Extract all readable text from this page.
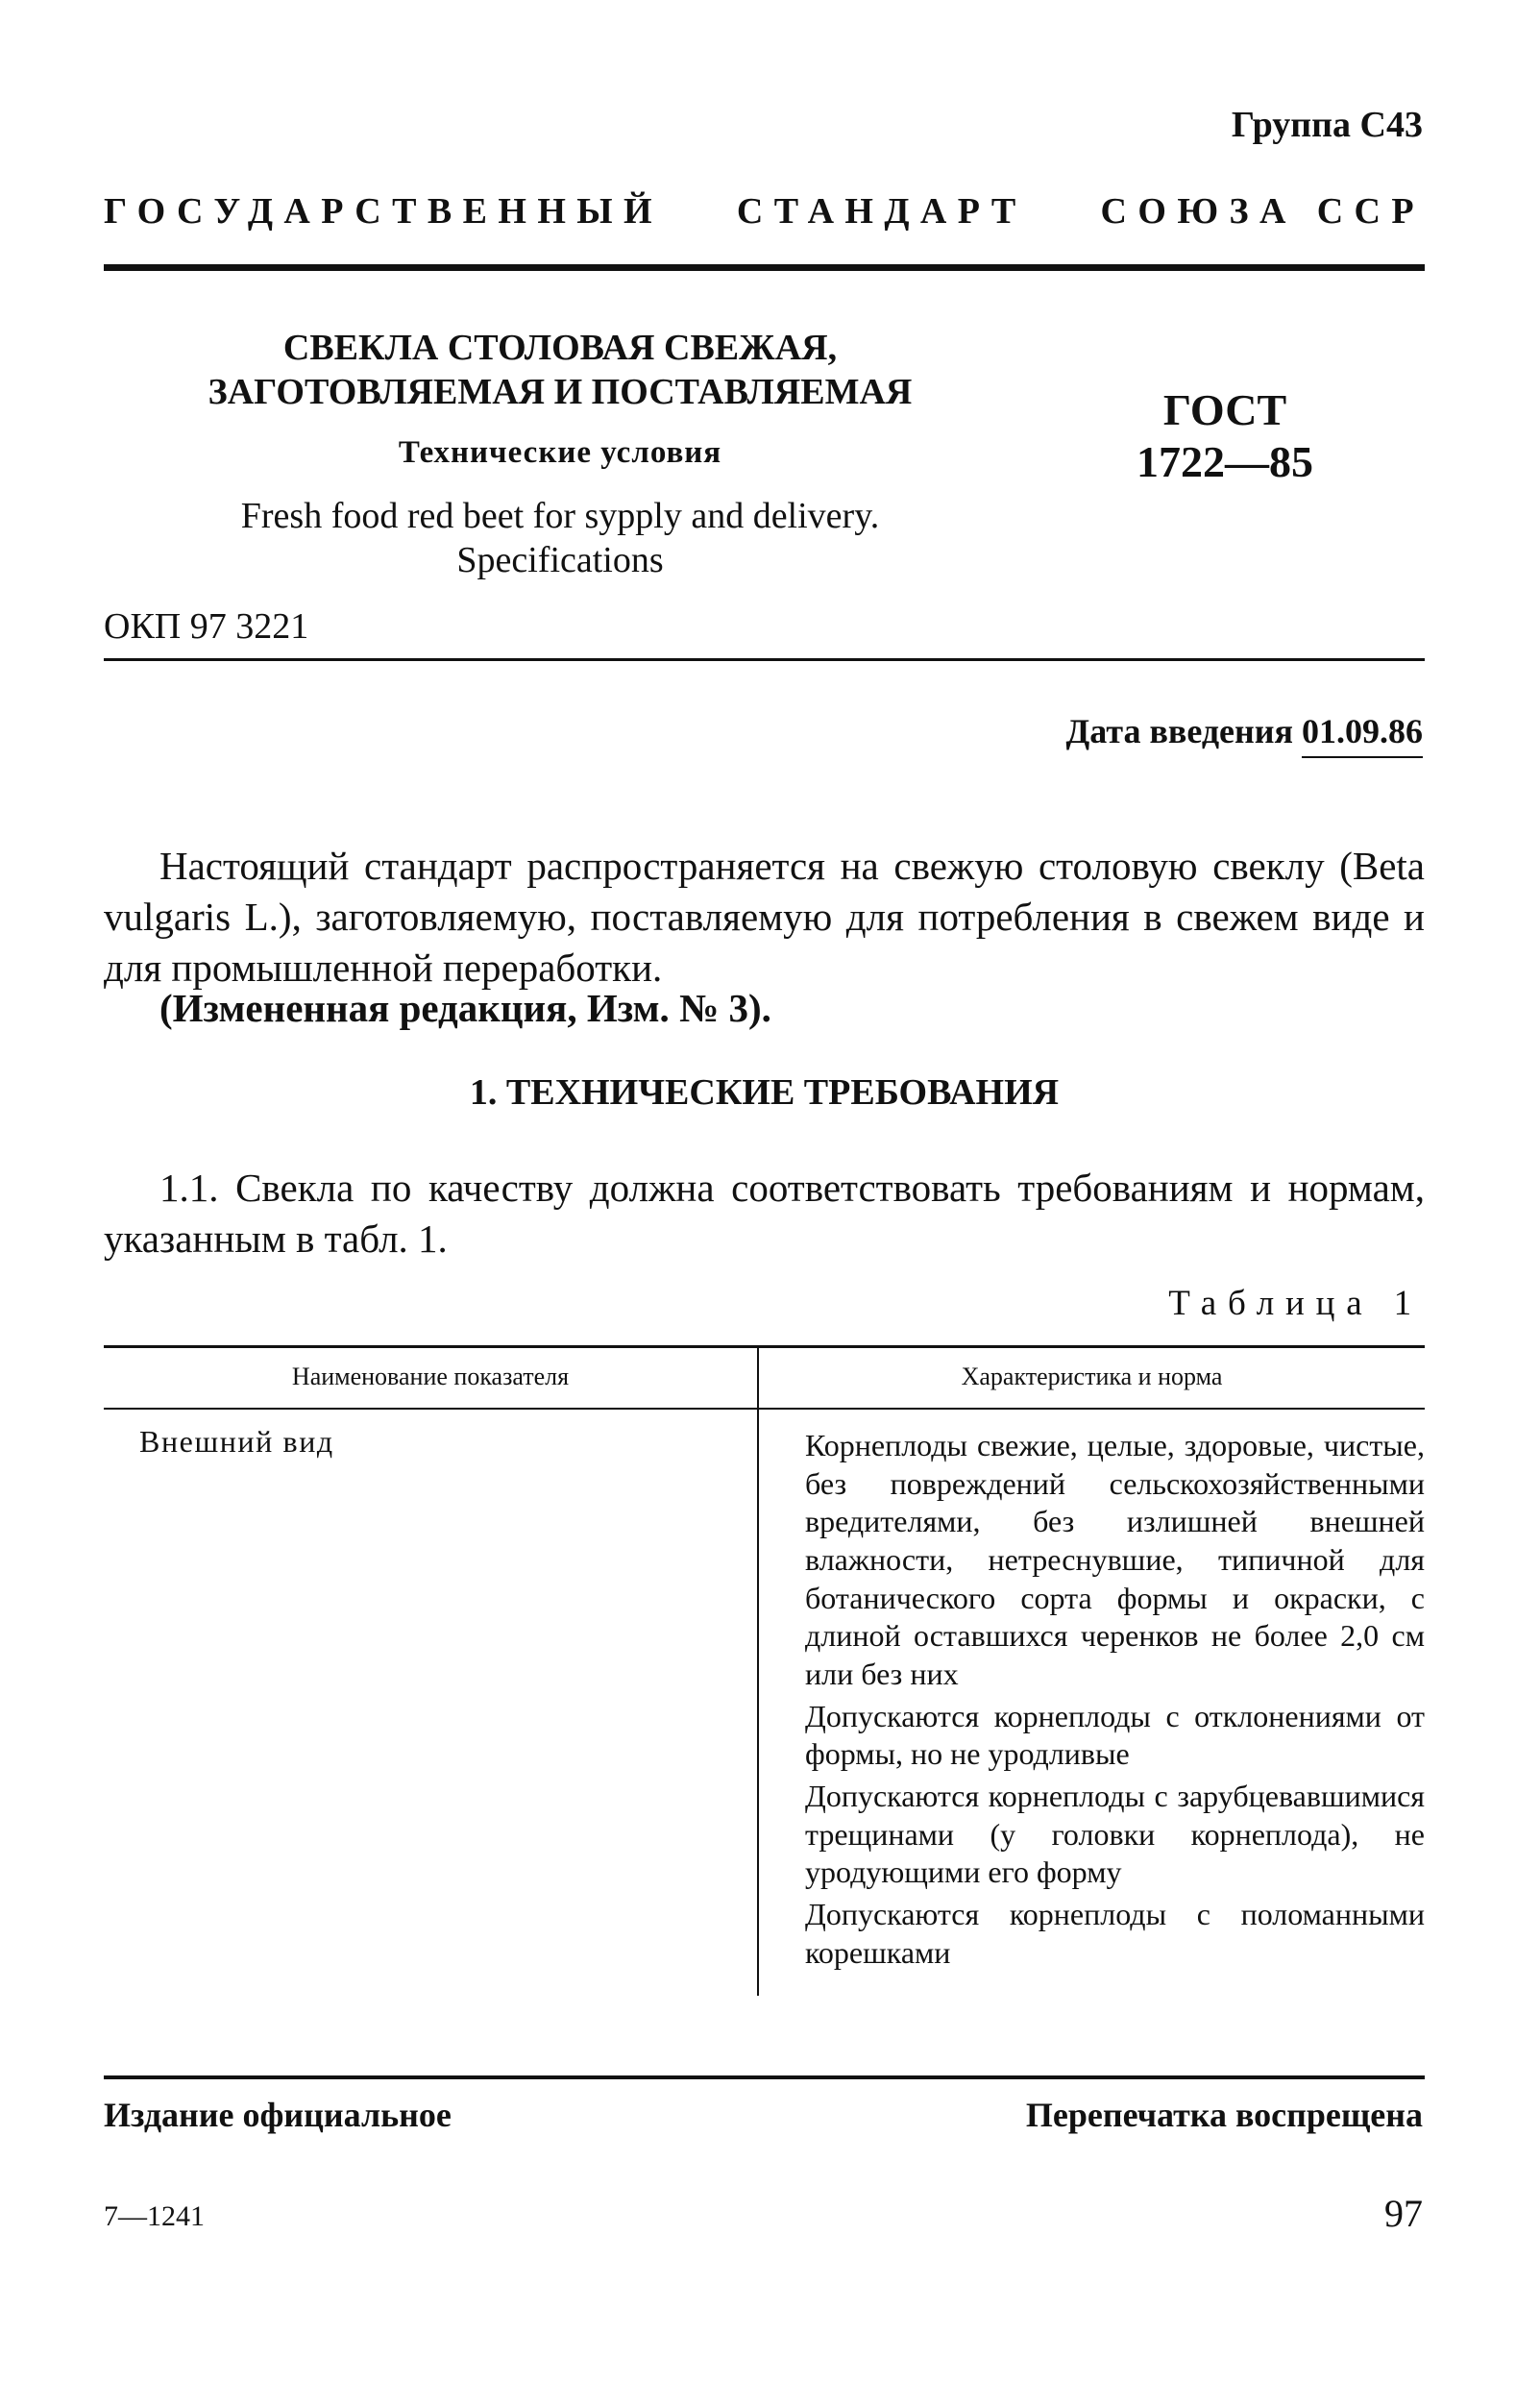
Группа С43
ГОСУДАРСТВЕННЫЙ СТАНДАРТ СОЮЗА ССР
СВЕКЛА СТОЛОВАЯ СВЕЖАЯ,
ЗАГОТОВЛЯЕМАЯ И ПОСТАВЛЯЕМАЯ
Технические условия
Fresh food red beet for sypply and delivery.
Specifications
ГОСТ
1722—85
ОКП 97 3221
Дата введения 01.09.86
Настоящий стандарт распространяется на свежую столовую свеклу (Beta vulgaris L.), заготовляемую, поставляемую для потребления в свежем виде и для промышленной переработки.
(Измененная редакция, Изм. № 3).
1. ТЕХНИЧЕСКИЕ ТРЕБОВАНИЯ
1.1. Свекла по качеству должна соответствовать требованиям и нормам, указанным в табл. 1.
Таблица 1
Наименование показателя	Характеристика и норма
Внешний вид	Корнеплоды свежие, целые, здоровые, чистые, без повреждений сельскохозяйственными вредителями, без излишней внешней влажности, нетреснувшие, типичной для ботанического сорта формы и окраски, с длиной оставшихся черенков не более 2,0 см или без них

Допускаются корнеплоды с отклонениями от формы, но не уродливые

Допускаются корнеплоды с зарубцевавшимися трещинами (у головки корнеплода), не уродующими его форму

Допускаются корнеплоды с поломанными корешками

Издание официальное	Перепечатка воспрещена
7—1241	97
